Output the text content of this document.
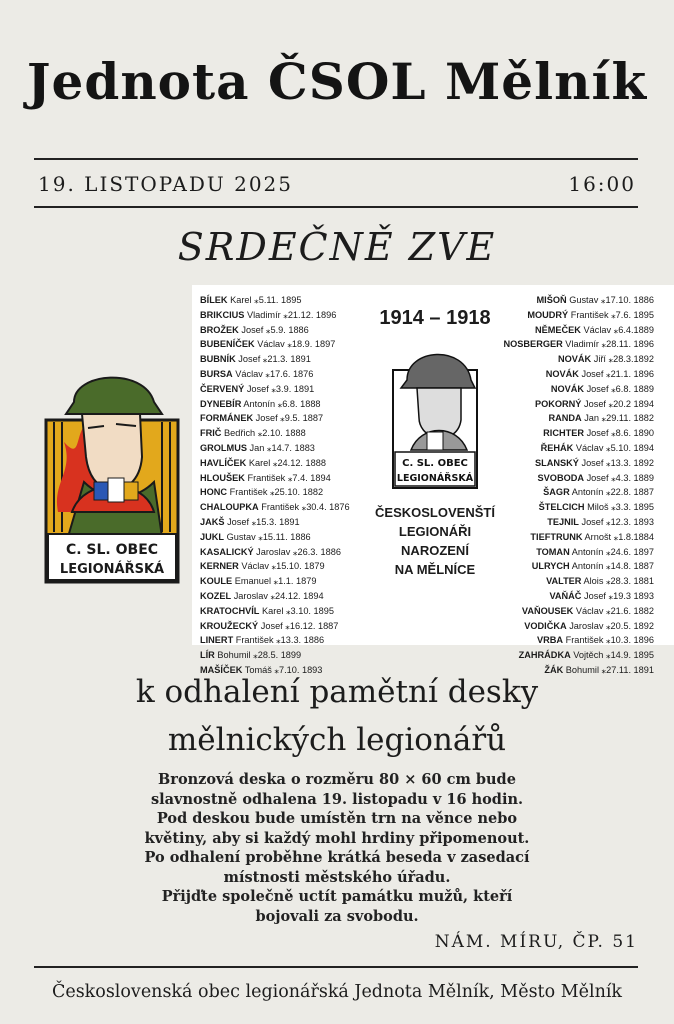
Jednota ČSOL Mělník
19. LISTOPADU 2025	16:00
SRDEČNĚ ZVE
C. SL. OBEC
LEGIONÁŘSKÁ
BÍLEK Karel ⁎5.11. 1895
BRIKCIUS Vladimír ⁎21.12. 1896
BROŽEK Josef ⁎5.9. 1886
BUBENÍČEK Václav ⁎18.9. 1897
BUBNÍK Josef ⁎21.3. 1891
BURSA Václav ⁎17.6. 1876
ČERVENÝ Josef ⁎3.9. 1891
DYNEBÍR Antonín ⁎6.8. 1888
FORMÁNEK Josef ⁎9.5. 1887
FRIČ Bedřich ⁎2.10. 1888
GROLMUS Jan ⁎14.7. 1883
HAVLÍČEK Karel ⁎24.12. 1888
HLOUŠEK František ⁎7.4. 1894
HONC František ⁎25.10. 1882
CHALOUPKA František ⁎30.4. 1876
JAKŠ Josef ⁎15.3. 1891
JUKL Gustav ⁎15.11. 1886
KASALICKÝ Jaroslav ⁎26.3. 1886
KERNER Václav ⁎15.10. 1879
KOULE Emanuel ⁎1.1. 1879
KOZEL Jaroslav ⁎24.12. 1894
KRATOCHVÍL Karel ⁎3.10. 1895
KROUŽECKÝ Josef ⁎16.12. 1887
LINERT František ⁎13.3. 1886
LÍR Bohumil ⁎28.5. 1899
MAŠÍČEK Tomáš ⁎7.10. 1893
MIŠOŇ Gustav ⁎17.10. 1886
MOUDRÝ František ⁎7.6. 1895
NĚMEČEK Václav ⁎6.4.1889
NOSBERGER Vladimír ⁎28.11. 1896
NOVÁK Jiří ⁎28.3.1892
NOVÁK Josef ⁎21.1. 1896
NOVÁK Josef ⁎6.8. 1889
POKORNÝ Josef ⁎20.2 1894
RANDA Jan ⁎29.11. 1882
RICHTER Josef ⁎8.6. 1890
ŘEHÁK Václav ⁎5.10. 1894
SLANSKÝ Josef ⁎13.3. 1892
SVOBODA Josef ⁎4.3. 1889
ŠAGR Antonín ⁎22.8. 1887
ŠTELCICH Miloš ⁎3.3. 1895
TEJNIL Josef ⁎12.3. 1893
TIEFTRUNK Arnošt ⁎1.8.1884
TOMAN Antonín ⁎24.6. 1897
ULRYCH Antonín ⁎14.8. 1887
VALTER Alois ⁎28.3. 1881
VAŇÁČ Josef ⁎19.3 1893
VAŇOUSEK Václav ⁎21.6. 1882
VODIČKA Jaroslav ⁎20.5. 1892
VRBA František ⁎10.3. 1896
ZAHRÁDKA Vojtěch ⁎14.9. 1895
ŽÁK Bohumil ⁎27.11. 1891
1914 – 1918
C. SL. OBEC
LEGIONÁŘSKÁ
ČESKOSLOVENŠTÍ
LEGIONÁŘI
NAROZENÍ
NA MĚLNÍCE
k odhalení pamětní desky
mělnických legionářů
Bronzová deska o rozměru 80 × 60 cm bude
slavnostně odhalena 19. listopadu v 16 hodin.
Pod deskou bude umístěn trn na věnce nebo
květiny, aby si každý mohl hrdiny připomenout.
Po odhalení proběhne krátká beseda v zasedací
místnosti městského úřadu.
Přijďte společně uctít památku mužů, kteří
bojovali za svobodu.
NÁM. MÍRU, ČP. 51
Československá obec legionářská Jednota Mělník, Město Mělník
